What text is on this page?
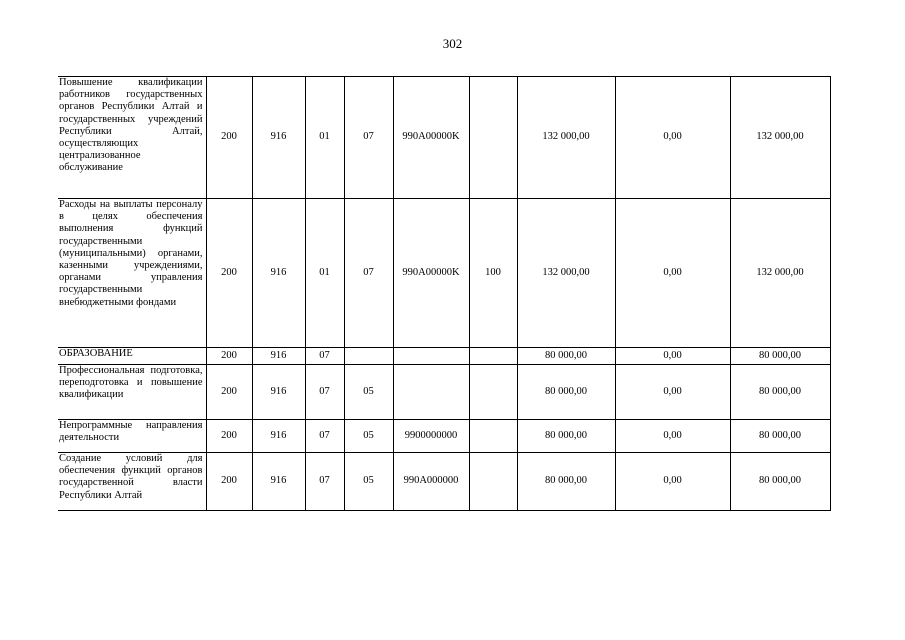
302
Повышение квалификации работников государственных органов Республики Алтай и государственных учреждений Республики Алтай, осуществляющих централизованное обслуживание	200	916	01	07	990A00000K		132 000,00	0,00	132 000,00
Расходы на выплаты персоналу в целях обеспечения выполнения функций государственными (муниципальными) органами, казенными учреждениями, органами управления государственными внебюджетными фондами	200	916	01	07	990A00000K	100	132 000,00	0,00	132 000,00
ОБРАЗОВАНИЕ	200	916	07				80 000,00	0,00	80 000,00
Профессиональная подготовка, переподготовка и повышение квалификации	200	916	07	05			80 000,00	0,00	80 000,00
Непрограммные направления деятельности	200	916	07	05	9900000000		80 000,00	0,00	80 000,00
Создание условий для обеспечения функций органов государственной власти Республики Алтай	200	916	07	05	990A000000		80 000,00	0,00	80 000,00
